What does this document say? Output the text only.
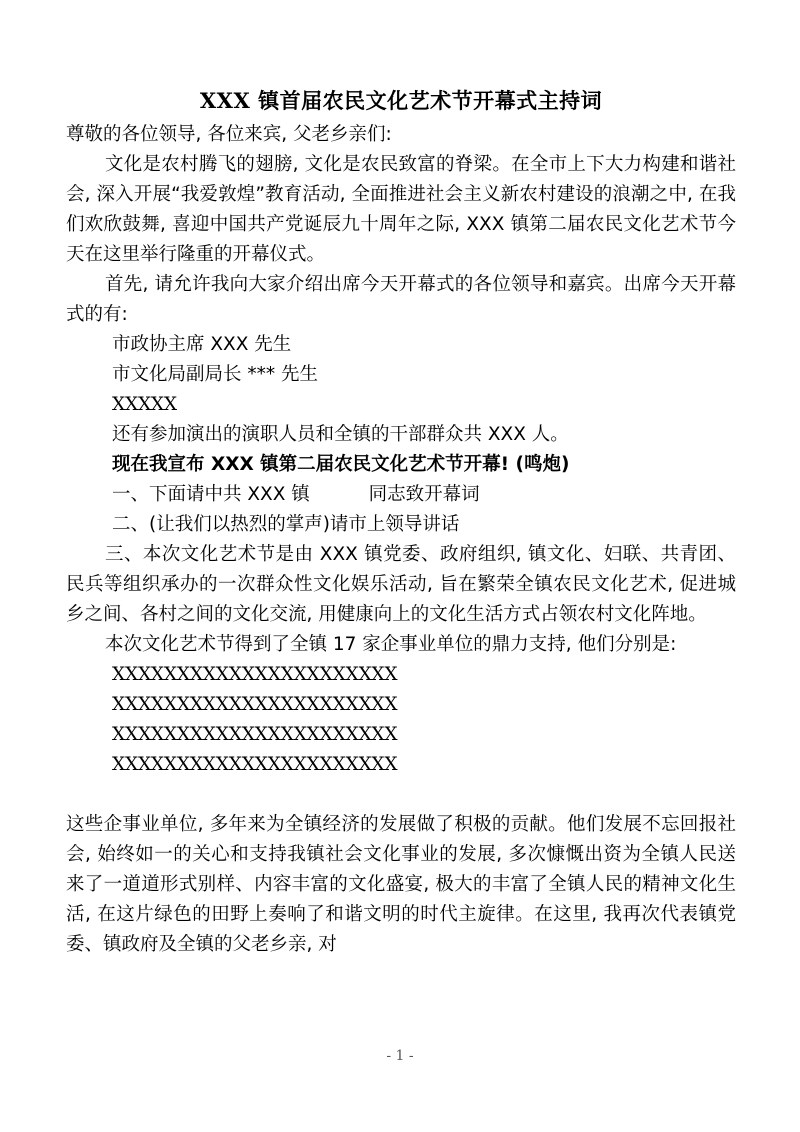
XXX 镇首届农民文化艺术节开幕式主持词

尊敬的各位领导, 各位来宾, 父老乡亲们:

文化是农村腾飞的翅膀, 文化是农民致富的脊梁。在全市上下大力构建和谐社会, 深入开展“我爱敦煌”教育活动, 全面推进社会主义新农村建设的浪潮之中, 在我们欢欣鼓舞, 喜迎中国共产党诞辰九十周年之际, XXX 镇第二届农民文化艺术节今天在这里举行隆重的开幕仪式。

首先, 请允许我向大家介绍出席今天开幕式的各位领导和嘉宾。出席今天开幕式的有:

市政协主席 XXX 先生

市文化局副局长 *** 先生

XXXXX

还有参加演出的演职人员和全镇的干部群众共 XXX 人。

现在我宣布 XXX 镇第二届农民文化艺术节开幕! (鸣炮)

一、下面请中共 XXX 镇          同志致开幕词

二、(让我们以热烈的掌声)请市上领导讲话

三、本次文化艺术节是由 XXX 镇党委、政府组织, 镇文化、妇联、共青团、民兵等组织承办的一次群众性文化娱乐活动, 旨在繁荣全镇农民文化艺术, 促进城乡之间、各村之间的文化交流, 用健康向上的文化生活方式占领农村文化阵地。

本次文化艺术节得到了全镇 17 家企事业单位的鼎力支持, 他们分别是:

XXXXXXXXXXXXXXXXXXXXXX

XXXXXXXXXXXXXXXXXXXXXX

XXXXXXXXXXXXXXXXXXXXXX

XXXXXXXXXXXXXXXXXXXXXX

这些企事业单位, 多年来为全镇经济的发展做了积极的贡献。他们发展不忘回报社会, 始终如一的关心和支持我镇社会文化事业的发展, 多次慷慨出资为全镇人民送来了一道道形式别样、内容丰富的文化盛宴, 极大的丰富了全镇人民的精神文化生活, 在这片绿色的田野上奏响了和谐文明的时代主旋律。在这里, 我再次代表镇党委、镇政府及全镇的父老乡亲, 对

- 1 -
